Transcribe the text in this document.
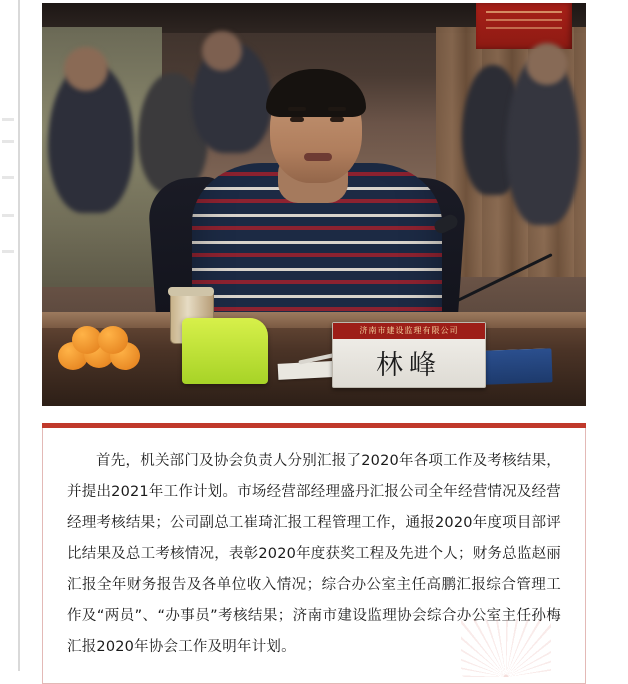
济南市建设监理有限公司
林峰
首先，机关部门及协会负责人分别汇报了2020年各项工作及考核结果，并提出2021年工作计划。市场经营部经理盛丹汇报公司全年经营情况及经营经理考核结果；公司副总工崔琦汇报工程管理工作，通报2020年度项目部评比结果及总工考核情况，表彰2020年度获奖工程及先进个人；财务总监赵丽汇报全年财务报告及各单位收入情况；综合办公室主任高鹏汇报综合管理工作及“两员”、“办事员”考核结果；济南市建设监理协会综合办公室主任孙梅汇报2020年协会工作及明年计划。
